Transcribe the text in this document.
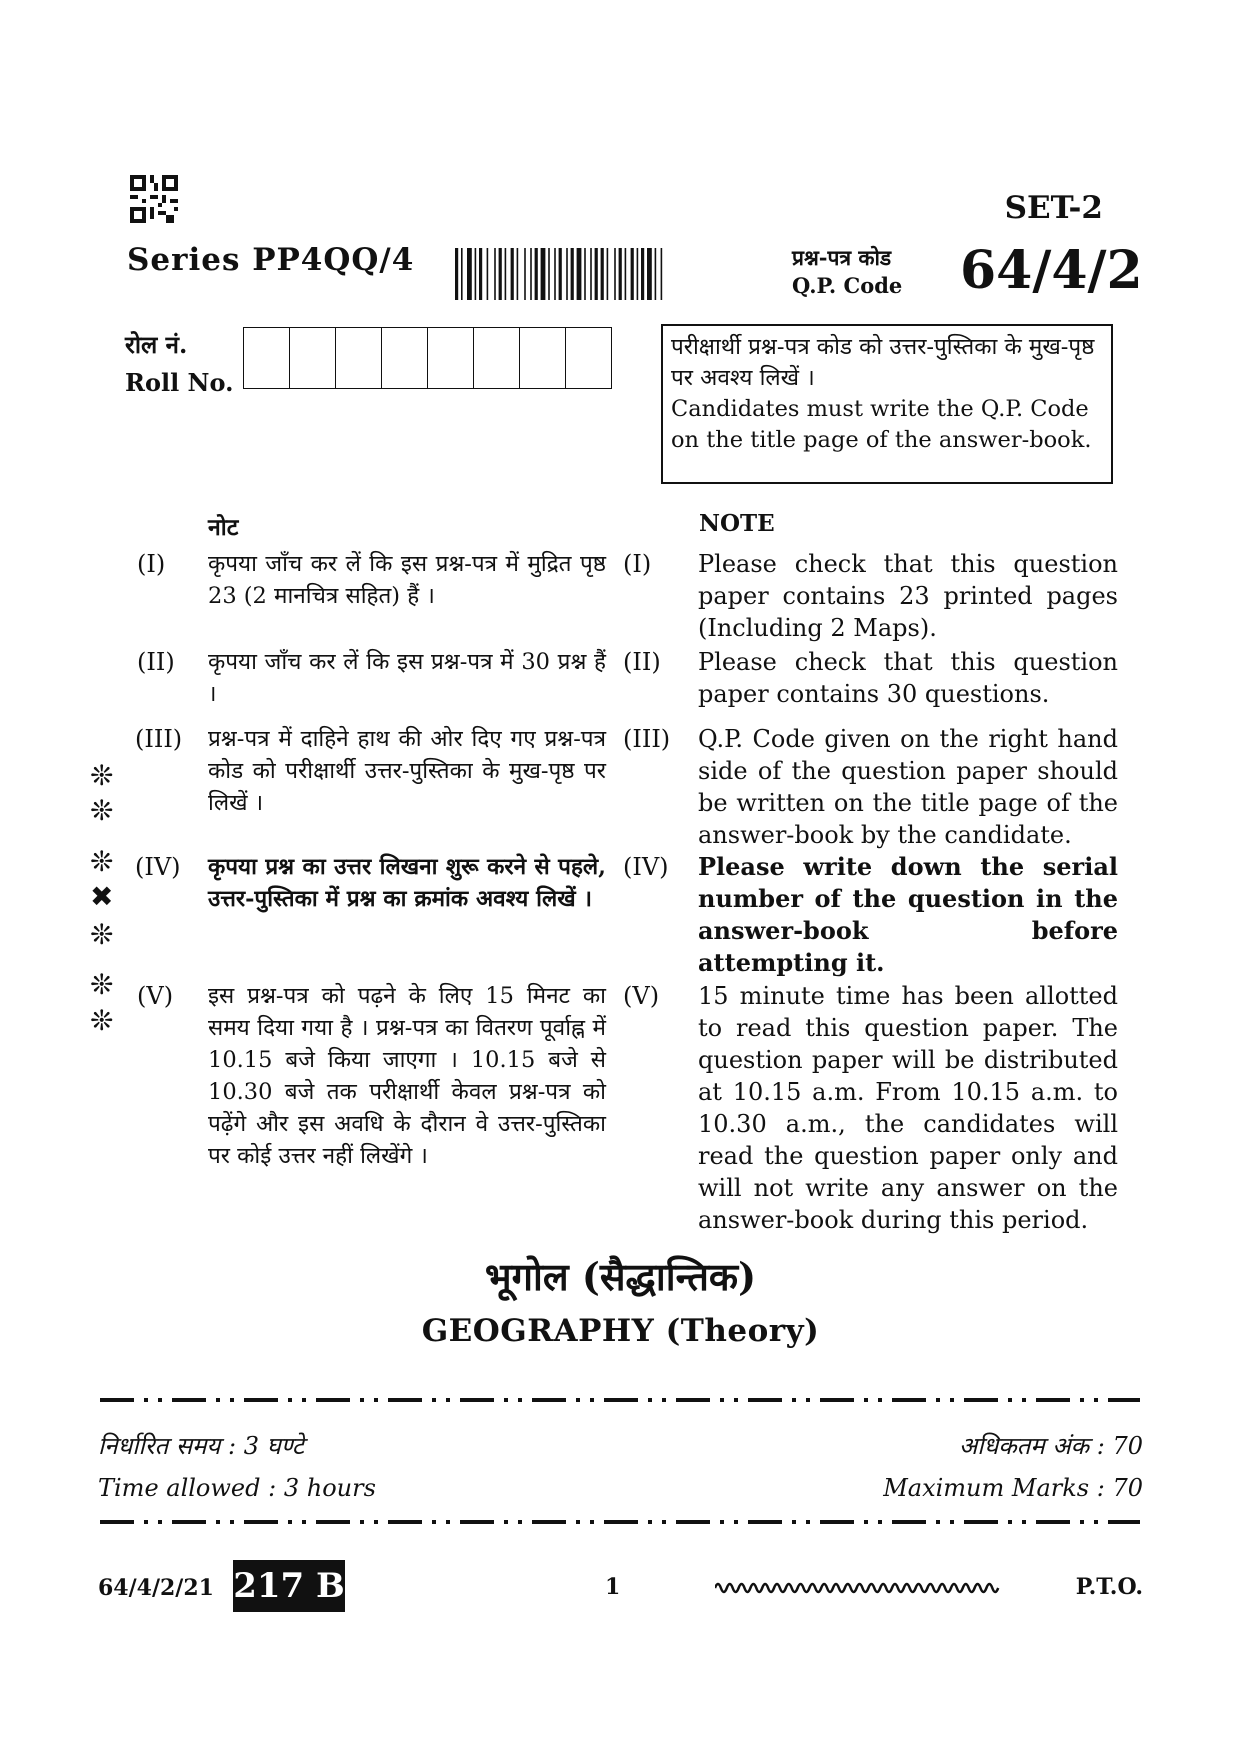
SET-2
Series PP4QQ/4	प्रश्न-पत्र कोड
Q.P. Code 64/4/2
रोल नं.
Roll No.
परीक्षार्थी प्रश्न-पत्र कोड को उत्तर-पुस्तिका के मुख-पृष्ठ पर अवश्य लिखें ।
Candidates must write the Q.P. Code on the title page of the answer-book.
नोट	NOTE
(I) कृपया जाँच कर लें कि इस प्रश्न-पत्र में मुद्रित पृष्ठ 23 (2 मानचित्र सहित) हैं ।
(I) Please check that this question paper contains 23 printed pages (Including 2 Maps).
(II) कृपया जाँच कर लें कि इस प्रश्न-पत्र में 30 प्रश्न हैं ।
(II) Please check that this question paper contains 30 questions.
(III) प्रश्न-पत्र में दाहिने हाथ की ओर दिए गए प्रश्न-पत्र कोड को परीक्षार्थी उत्तर-पुस्तिका के मुख-पृष्ठ पर लिखें ।
(III) Q.P. Code given on the right hand side of the question paper should be written on the title page of the answer-book by the candidate.
(IV) कृपया प्रश्न का उत्तर लिखना शुरू करने से पहले, उत्तर-पुस्तिका में प्रश्न का क्रमांक अवश्य लिखें ।
(IV) Please write down the serial number of the question in the answer-book before attempting it.
(V) इस प्रश्न-पत्र को पढ़ने के लिए 15 मिनट का समय दिया गया है । प्रश्न-पत्र का वितरण पूर्वाह्न में 10.15 बजे किया जाएगा । 10.15 बजे से 10.30 बजे तक परीक्षार्थी केवल प्रश्न-पत्र को पढ़ेंगे और इस अवधि के दौरान वे उत्तर-पुस्तिका पर कोई उत्तर नहीं लिखेंगे ।
(V) 15 minute time has been allotted to read this question paper. The question paper will be distributed at 10.15 a.m. From 10.15 a.m. to 10.30 a.m., the candidates will read the question paper only and will not write any answer on the answer-book during this period.
❊
❊
❊
✖
❊
❊
❊
भूगोल (सैद्धान्तिक)
GEOGRAPHY (Theory)
निर्धारित समय : 3 घण्टे
Time allowed : 3 hours
अधिकतम अंक : 70
Maximum Marks : 70
64/4/2/21 217 B	1	P.T.O.
